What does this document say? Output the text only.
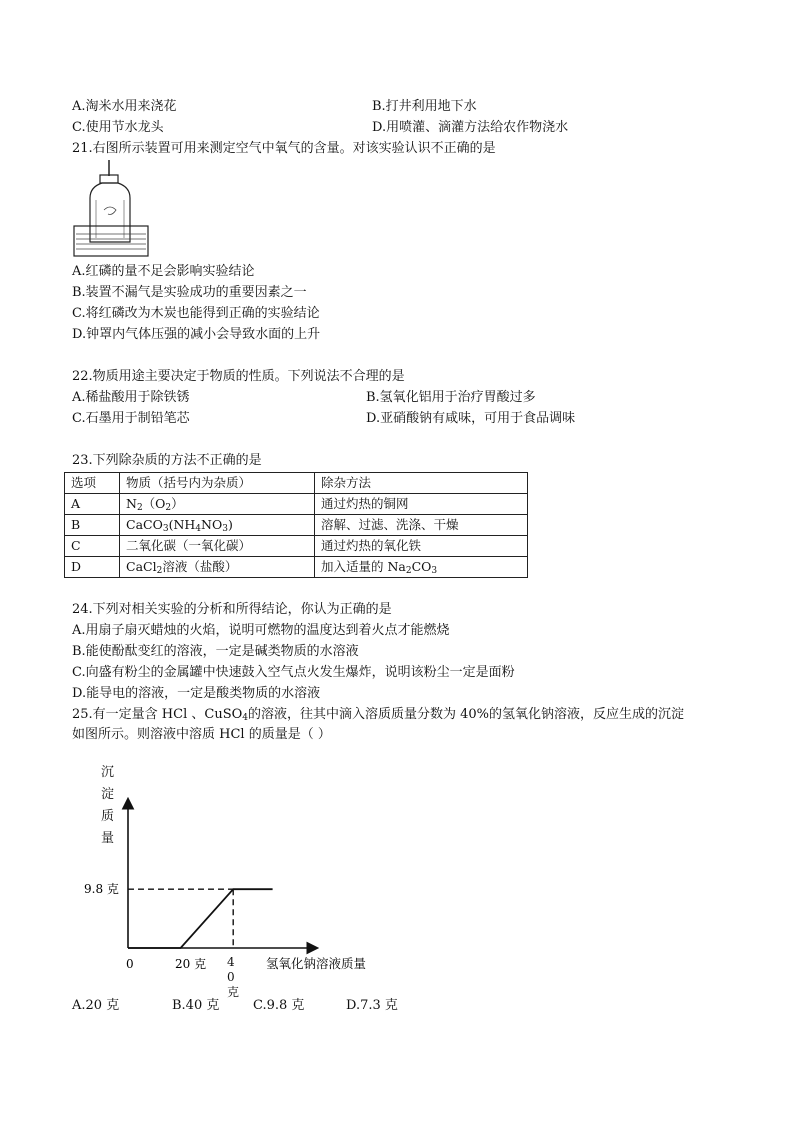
A.淘米水用来浇花	B.打井利用地下水
C.使用节水龙头	D.用喷灌、滴灌方法给农作物浇水
21.右图所示装置可用来测定空气中氧气的含量。对该实验认识不正确的是
A.红磷的量不足会影响实验结论
B.装置不漏气是实验成功的重要因素之一
C.将红磷改为木炭也能得到正确的实验结论
D.钟罩内气体压强的减小会导致水面的上升
22.物质用途主要决定于物质的性质。下列说法不合理的是
A.稀盐酸用于除铁锈	B.氢氧化铝用于治疗胃酸过多
C.石墨用于制铅笔芯	D.亚硝酸钠有咸味，可用于食品调味
23.下列除杂质的方法不正确的是
选项	物质（括号内为杂质）	除杂方法
A	$N_2(O_2)$	通过灼热的铜网
B	$CaCO_3(NH_4NO_3)$	溶解、过滤、洗涤、干燥
C	二氧化碳（一氧化碳）	通过灼热的氧化铁
D	CaCl$_2$溶液（盐酸）	加入适量的 $Na_2CO_3$
24.下列对相关实验的分析和所得结论，你认为正确的是
A.用扇子扇灭蜡烛的火焰，说明可燃物的温度达到着火点才能燃烧
B.能使酚酞变红的溶液，一定是碱类物质的水溶液
C.向盛有粉尘的金属罐中快速鼓入空气点火发生爆炸，说明该粉尘一定是面粉
D.能导电的溶液，一定是酸类物质的水溶液
25.有一定量含 HCl 、CuSO$_4$的溶液，往其中滴入溶质质量分数为 40%的氢氧化钠溶液，反应生成的沉淀
如图所示。则溶液中溶质 HCl 的质量是（ ）
沉淀质量
0	20 克
9.8 克
氢氧化钠溶液质量
40 克
A.20 克	B.40 克	C.9.8 克	D.7.3 克
